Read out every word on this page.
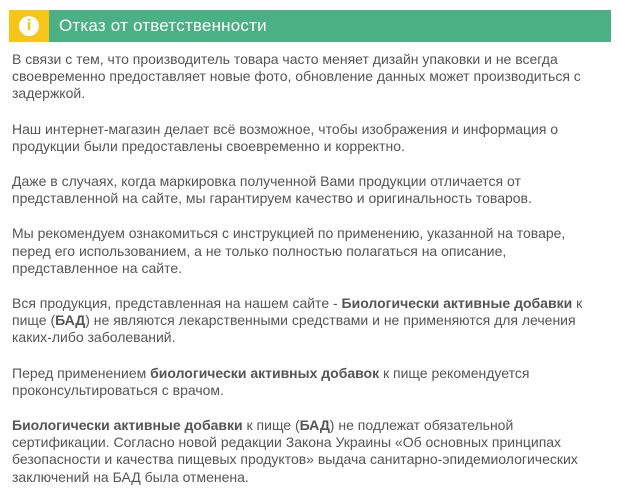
i Отказ от ответственности

В связи с тем, что производитель товара часто меняет дизайн упаковки и не всегда своевременно предоставляет новые фото, обновление данных может производиться с задержкой.

Наш интернет-магазин делает всё возможное, чтобы изображения и информация о продукции были предоставлены своевременно и корректно.

Даже в случаях, когда маркировка полученной Вами продукции отличается от представленной на сайте, мы гарантируем качество и оригинальность товаров.

Мы рекомендуем ознакомиться с инструкцией по применению, указанной на товаре, перед его использованием, а не только полностью полагаться на описание, представленное на сайте.

Вся продукция, представленная на нашем сайте - Биологически активные добавки к пище (БАД) не являются лекарственными средствами и не применяются для лечения каких-либо заболеваний.

Перед применением биологически активных добавок к пище рекомендуется проконсультироваться с врачом.

Биологически активные добавки к пище (БАД) не подлежат обязательной сертификации. Согласно новой редакции Закона Украины «Об основных принципах безопасности и качества пищевых продуктов» выдача санитарно-эпидемиологических заключений на БАД была отменена.
